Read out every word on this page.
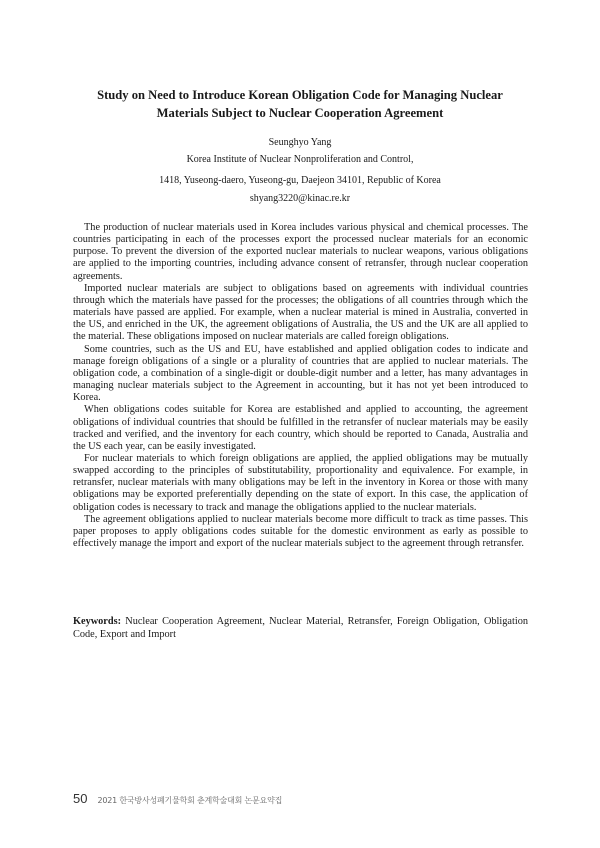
Study on Need to Introduce Korean Obligation Code for Managing Nuclear
Materials Subject to Nuclear Cooperation Agreement
Seunghyo Yang
Korea Institute of Nuclear Nonproliferation and Control,
1418, Yuseong-daero, Yuseong-gu, Daejeon 34101, Republic of Korea
shyang3220@kinac.re.kr

The production of nuclear materials used in Korea includes various physical and chemical processes. The countries participating in each of the processes export the processed nuclear materials for an economic purpose. To prevent the diversion of the exported nuclear materials to nuclear weapons, various obligations are applied to the importing countries, including advance consent of retransfer, through nuclear cooperation agreements.

Imported nuclear materials are subject to obligations based on agreements with individual countries through which the materials have passed for the processes; the obligations of all countries through which the materials have passed are applied. For example, when a nuclear material is mined in Australia, converted in the US, and enriched in the UK, the agreement obligations of Australia, the US and the UK are all applied to the material. These obligations imposed on nuclear materials are called foreign obligations.

Some countries, such as the US and EU, have established and applied obligation codes to indicate and manage foreign obligations of a single or a plurality of countries that are applied to nuclear materials. The obligation code, a combination of a single-digit or double-digit number and a letter, has many advantages in managing nuclear materials subject to the Agreement in accounting, but it has not yet been introduced to Korea.

When obligations codes suitable for Korea are established and applied to accounting, the agreement obligations of individual countries that should be fulfilled in the retransfer of nuclear materials may be easily tracked and verified, and the inventory for each country, which should be reported to Canada, Australia and the US each year, can be easily investigated.

For nuclear materials to which foreign obligations are applied, the applied obligations may be mutually swapped according to the principles of substitutability, proportionality and equivalence. For example, in retransfer, nuclear materials with many obligations may be left in the inventory in Korea or those with many obligations may be exported preferentially depending on the state of export. In this case, the application of obligation codes is necessary to track and manage the obligations applied to the nuclear materials.

The agreement obligations applied to nuclear materials become more difficult to track as time passes. This paper proposes to apply obligations codes suitable for the domestic environment as early as possible to effectively manage the import and export of the nuclear materials subject to the agreement through retransfer.

Keywords: Nuclear Cooperation Agreement, Nuclear Material, Retransfer, Foreign Obligation, Obligation Code, Export and Import
50 2021 한국방사성폐기물학회 춘계학술대회 논문요약집
